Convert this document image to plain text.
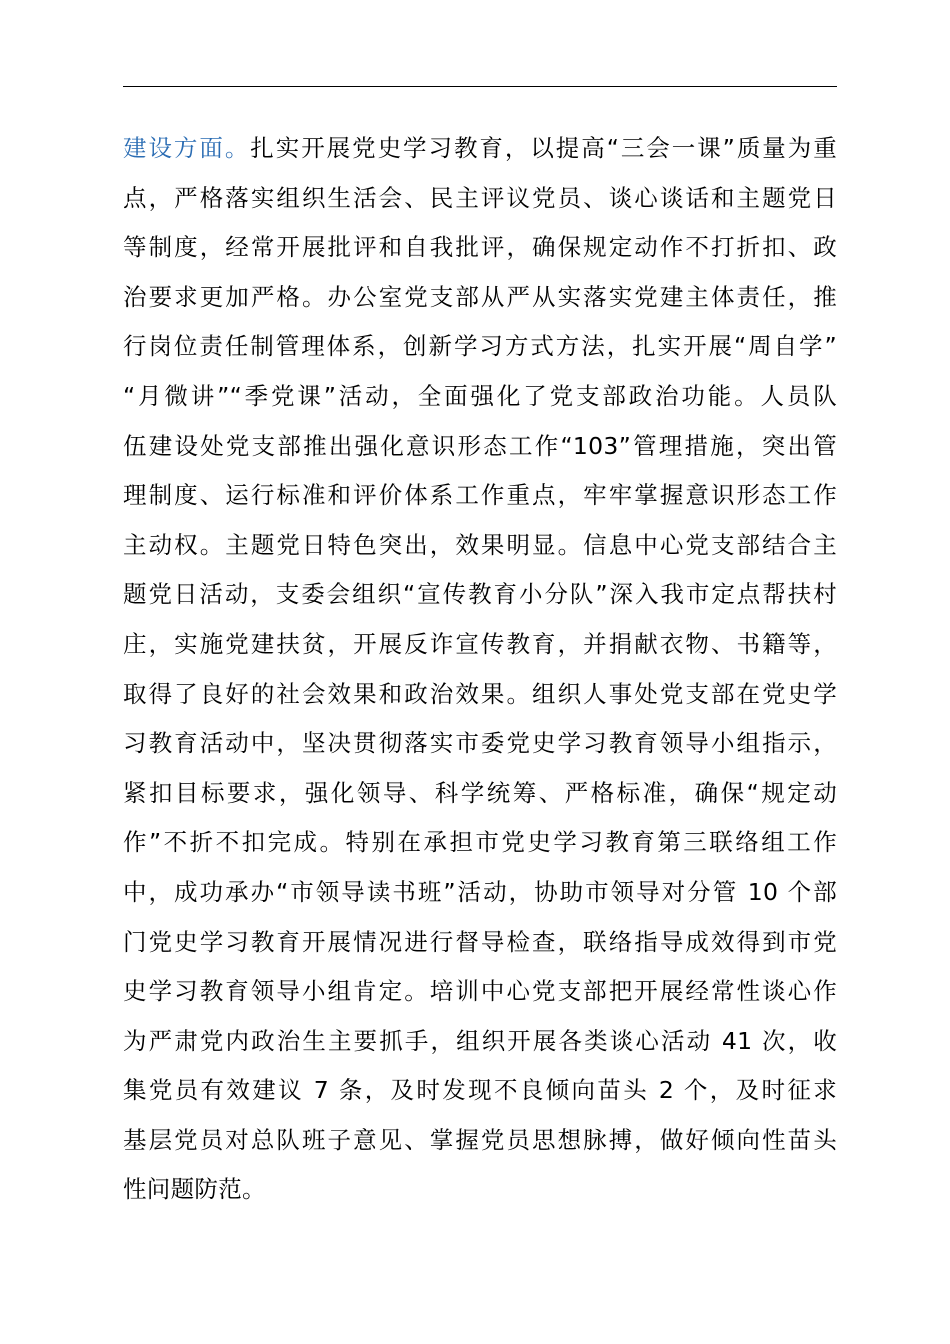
建设方面。扎实开展党史学习教育，以提高“三会一课”质量为重
点，严格落实组织生活会、民主评议党员、谈心谈话和主题党日
等制度，经常开展批评和自我批评，确保规定动作不打折扣、政
治要求更加严格。办公室党支部从严从实落实党建主体责任，推
行岗位责任制管理体系，创新学习方式方法，扎实开展“周自学”
“月微讲”“季党课”活动，全面强化了党支部政治功能。人员队
伍建设处党支部推出强化意识形态工作“103”管理措施，突出管
理制度、运行标准和评价体系工作重点，牢牢掌握意识形态工作
主动权。主题党日特色突出，效果明显。信息中心党支部结合主
题党日活动，支委会组织“宣传教育小分队”深入我市定点帮扶村
庄，实施党建扶贫，开展反诈宣传教育，并捐献衣物、书籍等，
取得了良好的社会效果和政治效果。组织人事处党支部在党史学
习教育活动中，坚决贯彻落实市委党史学习教育领导小组指示，
紧扣目标要求，强化领导、科学统筹、严格标准，确保“规定动
作”不折不扣完成。特别在承担市党史学习教育第三联络组工作
中，成功承办“市领导读书班”活动，协助市领导对分管 10 个部
门党史学习教育开展情况进行督导检查，联络指导成效得到市党
史学习教育领导小组肯定。培训中心党支部把开展经常性谈心作
为严肃党内政治生主要抓手，组织开展各类谈心活动 41 次，收
集党员有效建议 7 条，及时发现不良倾向苗头 2 个，及时征求
基层党员对总队班子意见、掌握党员思想脉搏，做好倾向性苗头
性问题防范。
